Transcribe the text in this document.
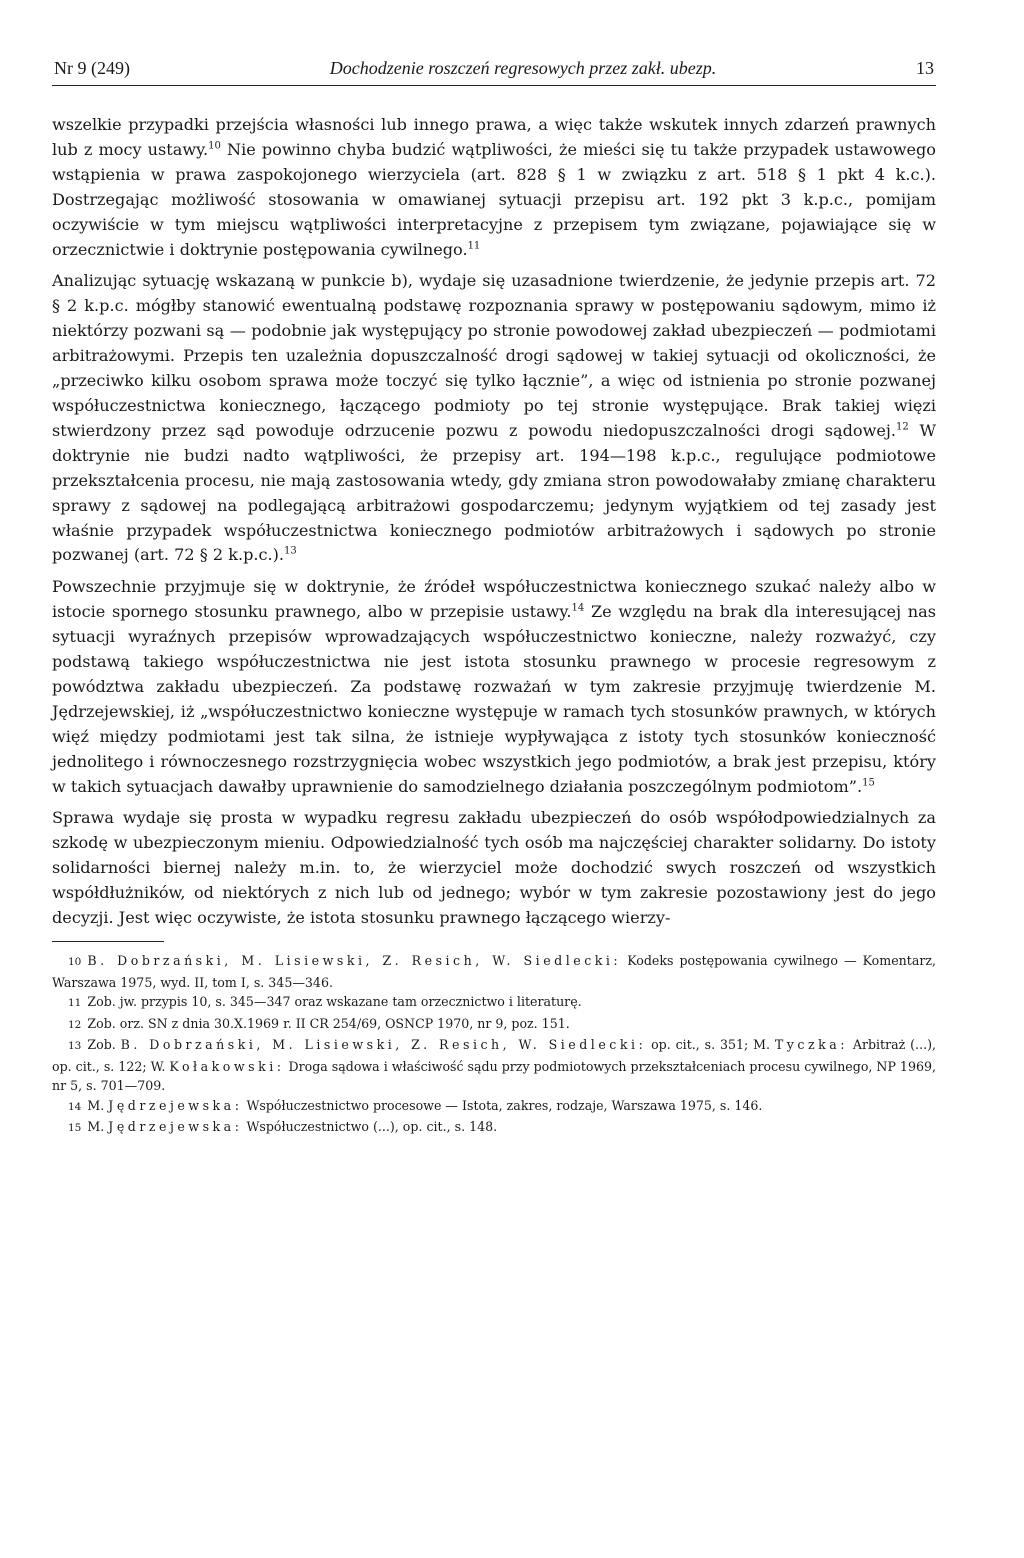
Nr 9 (249)	Dochodzenie roszczeń regresowych przez zakł. ubezp.	13

wszelkie przypadki przejścia własności lub innego prawa, a więc także wskutek innych zdarzeń prawnych lub z mocy ustawy.$^{10}$ Nie powinno chyba budzić wątpliwości, że mieści się tu także przypadek ustawowego wstąpienia w prawa zaspokojonego wierzyciela (art. 828 § 1 w związku z art. 518 § 1 pkt 4 k.c.). Dostrzegając możliwość stosowania w omawianej sytuacji przepisu art. 192 pkt 3 k.p.c., pomijam oczywiście w tym miejscu wątpliwości interpretacyjne z przepisem tym związane, pojawiające się w orzecznictwie i doktrynie postępowania cywilnego.$^{11}$

Analizując sytuację wskazaną w punkcie b), wydaje się uzasadnione twierdzenie, że jedynie przepis art. 72 § 2 k.p.c. mógłby stanowić ewentualną podstawę rozpoznania sprawy w postępowaniu sądowym, mimo iż niektórzy pozwani są — podobnie jak występujący po stronie powodowej zakład ubezpieczeń — podmiotami arbitrażowymi. Przepis ten uzależnia dopuszczalność drogi sądowej w takiej sytuacji od okoliczności, że „przeciwko kilku osobom sprawa może toczyć się tylko łącznie”, a więc od istnienia po stronie pozwanej współuczestnictwa koniecznego, łączącego podmioty po tej stronie występujące. Brak takiej więzi stwierdzony przez sąd powoduje odrzucenie pozwu z powodu niedopuszczalności drogi sądowej.$^{12}$ W doktrynie nie budzi nadto wątpliwości, że przepisy art. 194—198 k.p.c., regulujące podmiotowe przekształcenia procesu, nie mają zastosowania wtedy, gdy zmiana stron powodowałaby zmianę charakteru sprawy z sądowej na podlegającą arbitrażowi gospodarczemu; jedynym wyjątkiem od tej zasady jest właśnie przypadek współuczestnictwa koniecznego podmiotów arbitrażowych i sądowych po stronie pozwanej (art. 72 § 2 k.p.c.).$^{13}$

Powszechnie przyjmuje się w doktrynie, że źródeł współuczestnictwa koniecznego szukać należy albo w istocie spornego stosunku prawnego, albo w przepisie ustawy.$^{14}$ Ze względu na brak dla interesującej nas sytuacji wyraźnych przepisów wprowadzających współuczestnictwo konieczne, należy rozważyć, czy podstawą takiego współuczestnictwa nie jest istota stosunku prawnego w procesie regresowym z powództwa zakładu ubezpieczeń. Za podstawę rozważań w tym zakresie przyjmuję twierdzenie M. Jędrzejewskiej, iż „współuczestnictwo konieczne występuje w ramach tych stosunków prawnych, w których więź między podmiotami jest tak silna, że istnieje wypływająca z istoty tych stosunków konieczność jednolitego i równoczesnego rozstrzygnięcia wobec wszystkich jego podmiotów, a brak jest przepisu, który w takich sytuacjach dawałby uprawnienie do samodzielnego działania poszczególnym podmiotom”.$^{15}$

Sprawa wydaje się prosta w wypadku regresu zakładu ubezpieczeń do osób współodpowiedzialnych za szkodę w ubezpieczonym mieniu. Odpowiedzialność tych osób ma najczęściej charakter solidarny. Do istoty solidarności biernej należy m.in. to, że wierzyciel może dochodzić swych roszczeń od wszystkich współdłużników, od niektórych z nich lub od jednego; wybór w tym zakresie pozostawiony jest do jego decyzji. Jest więc oczywiste, że istota stosunku prawnego łączącego wierzy-

10 B. Dobrzański, M. Lisiewski, Z. Resich, W. Siedlecki: Kodeks postępowania cywilnego — Komentarz, Warszawa 1975, wyd. II, tom I, s. 345—346.

11 Zob. jw. przypis 10, s. 345—347 oraz wskazane tam orzecznictwo i literaturę.

12 Zob. orz. SN z dnia 30.X.1969 r. II CR 254/69, OSNCP 1970, nr 9, poz. 151.

13 Zob. B. Dobrzański, M. Lisiewski, Z. Resich, W. Siedlecki: op. cit., s. 351; M. Tyczka: Arbitraż (...), op. cit., s. 122; W. Kołakowski: Droga sądowa i właściwość sądu przy podmiotowych przekształceniach procesu cywilnego, NP 1969, nr 5, s. 701—709.

14 M. Jędrzejewska: Współuczestnictwo procesowe — Istota, zakres, rodzaje, Warszawa 1975, s. 146.

15 M. Jędrzejewska: Współuczestnictwo (...), op. cit., s. 148.
